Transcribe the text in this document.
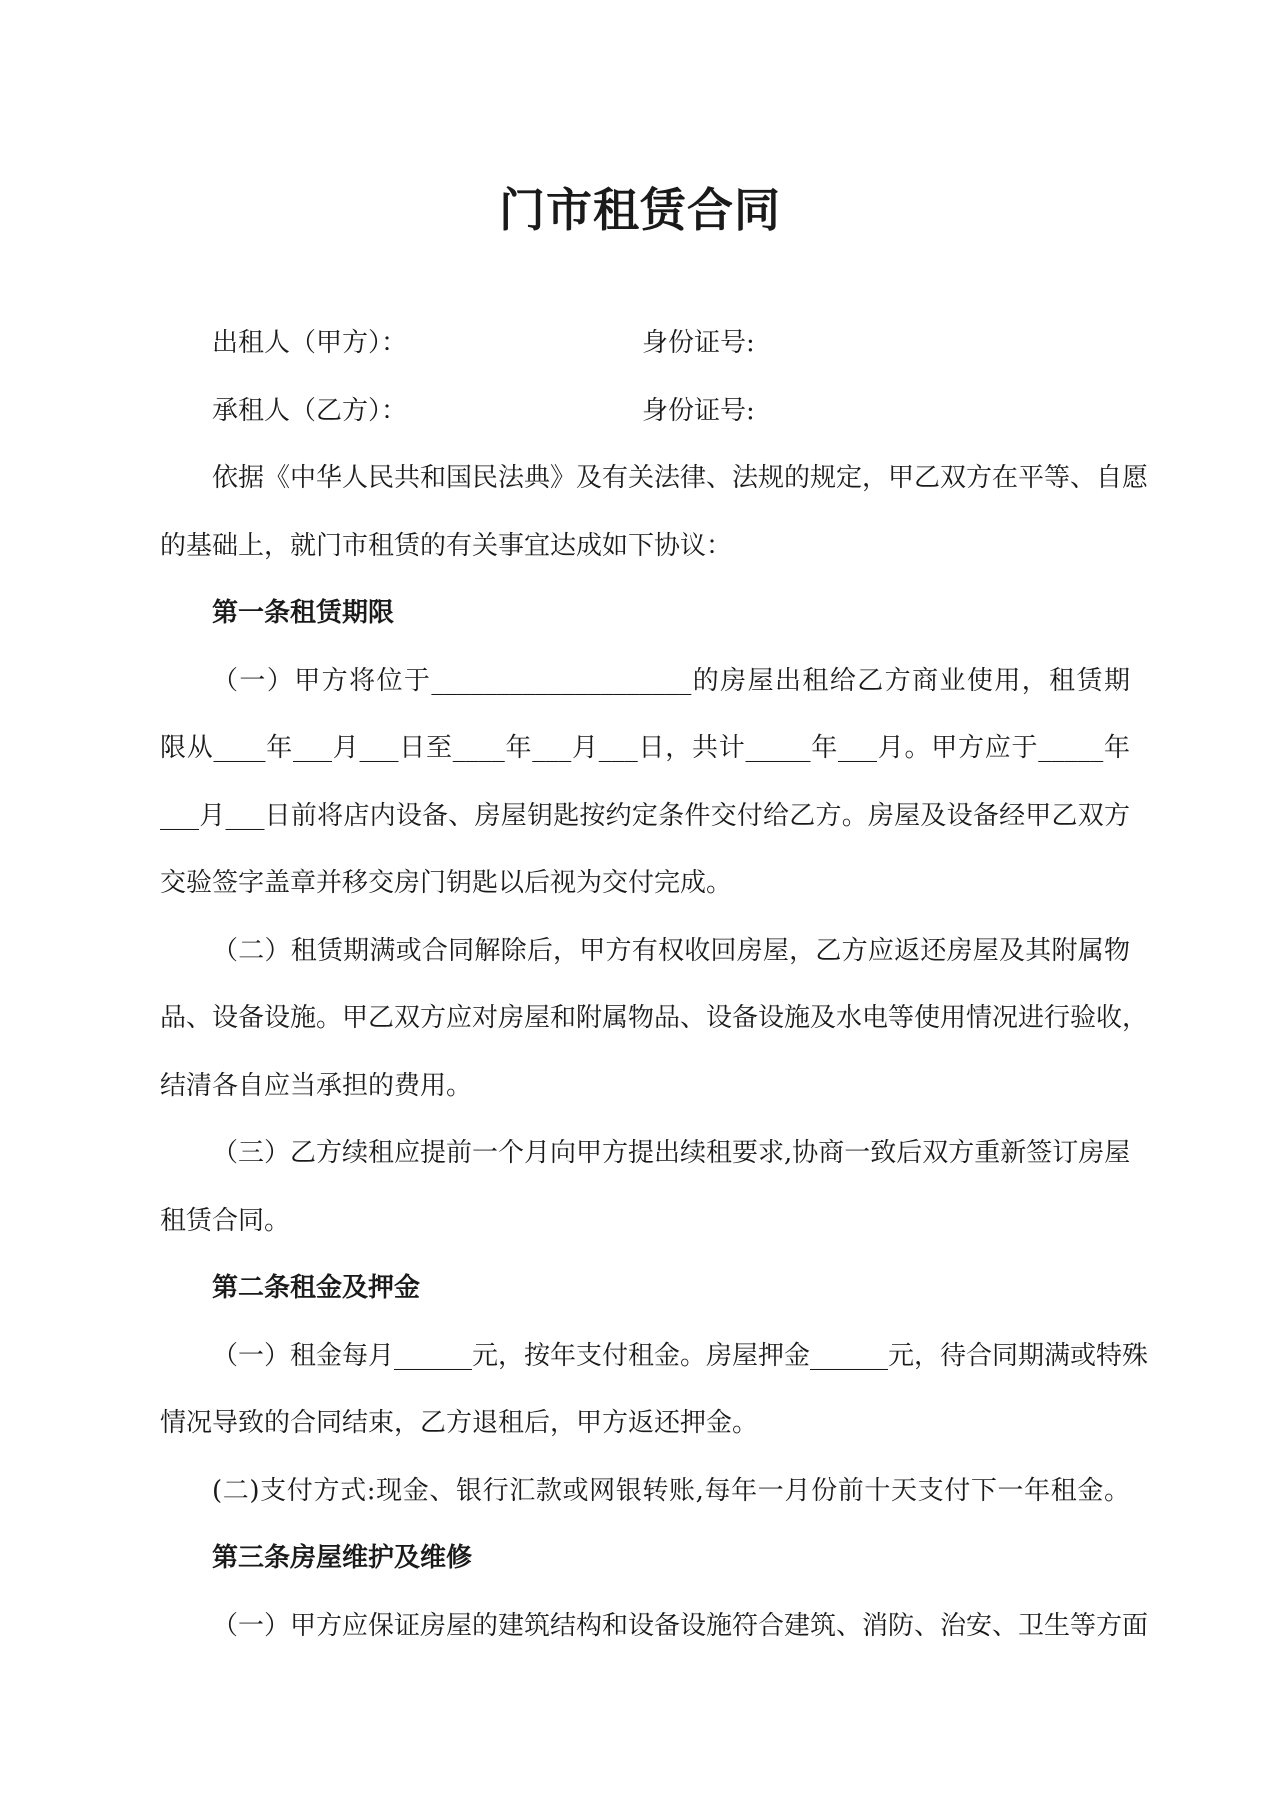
门市租赁合同
出租人（甲方）：	身份证号:
承租人（乙方）：	身份证号:
依据《中华人民共和国民法典》及有关法律、法规的规定，甲乙双方在平等、自愿
的基础上，就门市租赁的有关事宜达成如下协议：
第一条租赁期限
（一）甲方将位于____________________的房屋出租给乙方商业使用，租赁期
限从____年___月___日至____年___月___日，共计_____年___月。甲方应于_____年
___月___日前将店内设备、房屋钥匙按约定条件交付给乙方。房屋及设备经甲乙双方
交验签字盖章并移交房门钥匙以后视为交付完成。
（二）租赁期满或合同解除后，甲方有权收回房屋，乙方应返还房屋及其附属物
品、设备设施。甲乙双方应对房屋和附属物品、设备设施及水电等使用情况进行验收，
结清各自应当承担的费用。
（三）乙方续租应提前一个月向甲方提出续租要求,协商一致后双方重新签订房屋
租赁合同。
第二条租金及押金
（一）租金每月______元，按年支付租金。房屋押金______元，待合同期满或特殊
情况导致的合同结束，乙方退租后，甲方返还押金。
(二)支付方式:现金、银行汇款或网银转账,每年一月份前十天支付下一年租金。
第三条房屋维护及维修
（一）甲方应保证房屋的建筑结构和设备设施符合建筑、消防、治安、卫生等方面
